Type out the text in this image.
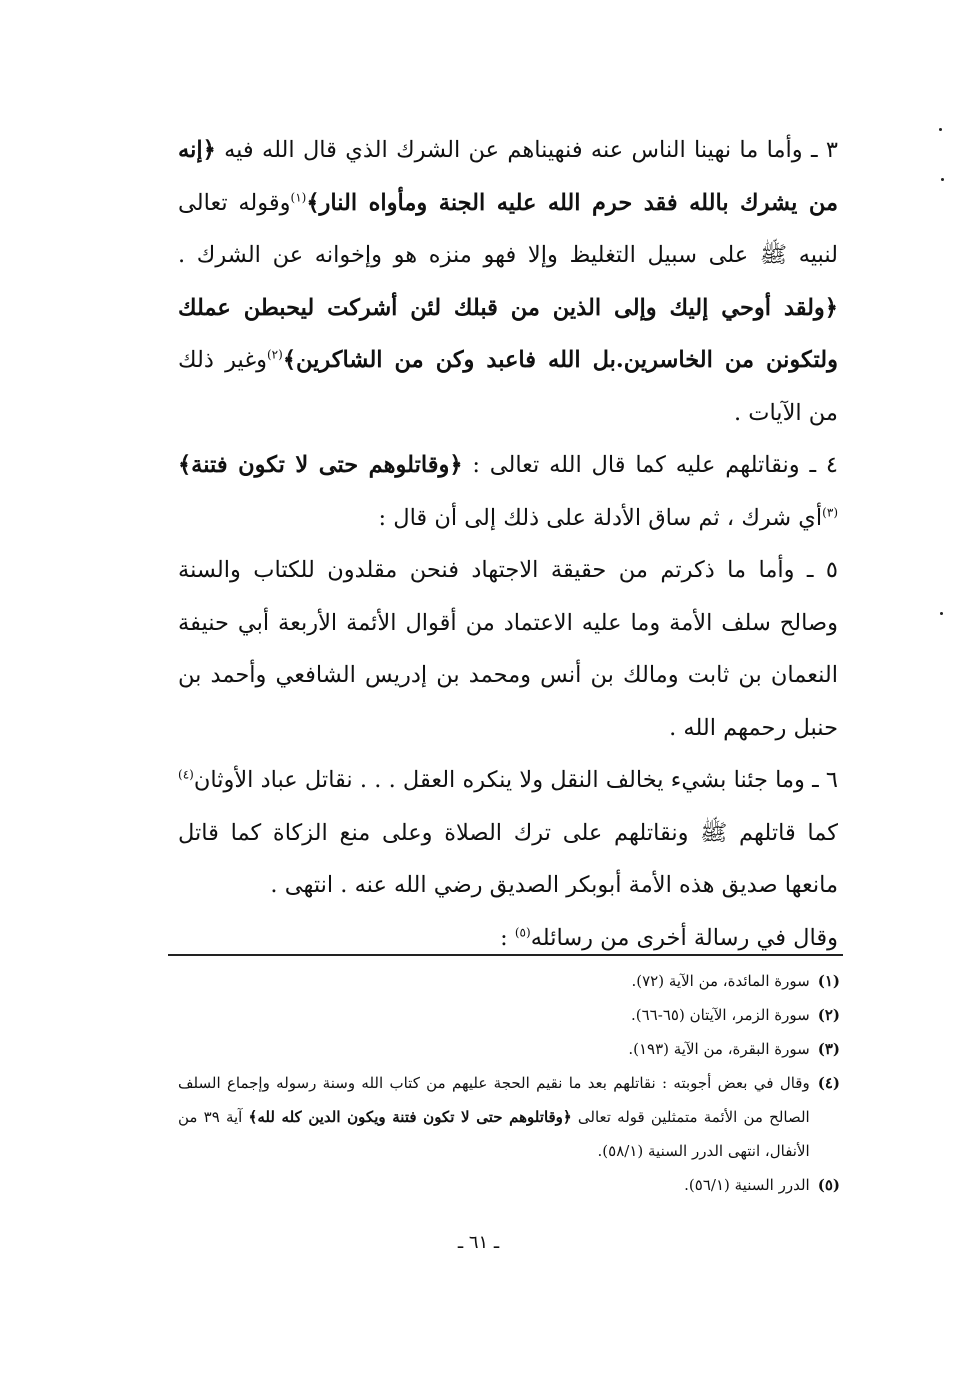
٣ ـ وأما ما نهينا الناس عنه فنهيناهم عن الشرك الذي قال الله فيه ﴿إنه من يشرك بالله فقد حرم الله عليه الجنة ومأواه النار﴾$^{(١)}$وقوله تعالى لنبيه ﷺ على سبيل التغليظ وإلا فهو منزه هو وإخوانه عن الشرك . ﴿ولقد أوحي إليك وإلى الذين من قبلك لئن أشركت ليحبطن عملك ولتكونن من الخاسرين.بل الله فاعبد وكن من الشاكرين﴾$^{(٢)}$وغير ذلك من الآيات .

٤ ـ ونقاتلهم عليه كما قال الله تعالى : ﴿وقاتلوهم حتى لا تكون فتنة﴾$^{(٣)}$أي شرك ، ثم ساق الأدلة على ذلك إلى أن قال :

٥ ـ وأما ما ذكرتم من حقيقة الاجتهاد فنحن مقلدون للكتاب والسنة وصالح سلف الأمة وما عليه الاعتماد من أقوال الأئمة الأربعة أبي حنيفة النعمان بن ثابت ومالك بن أنس ومحمد بن إدريس الشافعي وأحمد بن حنبل رحمهم الله .

٦ ـ وما جئنا بشيء يخالف النقل ولا ينكره العقل . . . نقاتل عباد الأوثان$^{(٤)}$ كما قاتلهم ﷺ ونقاتلهم على ترك الصلاة وعلى منع الزكاة كما قاتل مانعها صديق هذه الأمة أبوبكر الصديق رضي الله عنه . انتهى .

وقال في رسالة أخرى من رسائله$^{(٥)}$ :

(١)
سورة المائدة، من الآية (٧٢).
(٢)
سورة الزمر، الآيتان (٦٥-٦٦).
(٣)
سورة البقرة، من الآية (١٩٣).
(٤)
وقال في بعض أجوبته : نقاتلهم بعد ما نقيم الحجة عليهم من كتاب الله وسنة رسوله وإجماع السلف الصالح من الأئمة متمثلين قوله تعالى ﴿وقاتلوهم حتى لا تكون فتنة ويكون الدين كله لله﴾ آية ٣٩ من الأنفال، انتهى الدرر السنية (٥٨/١).
(٥)
الدرر السنية (٥٦/١).
ـ ٦١ ـ
